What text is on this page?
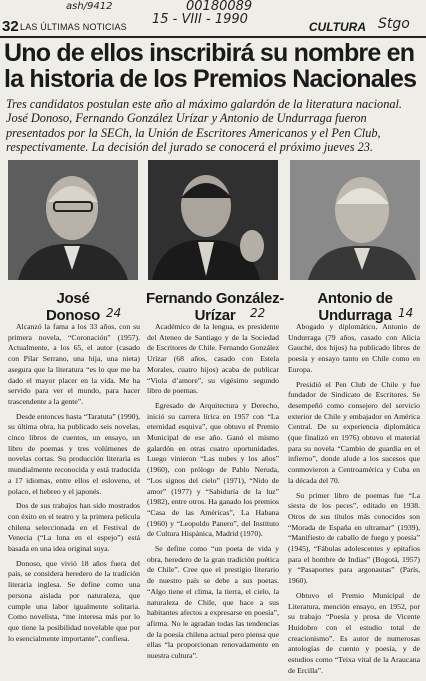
ash/9412
15 - VIII - 1990
00180089
Stgo
32 LAS ÚLTIMAS NOTICIAS	CULTURA
Uno de ellos inscribirá su nombre en la historia de los Premios Nacionales
Tres candidatos postulan este año al máximo galardón de la literatura nacional. José Donoso, Fernando González Urízar y Antonio de Undurraga fueron presentados por la SECh, la Unión de Escritores Americanos y el Pen Club, respectivamente. La decisión del jurado se conocerá el próximo jueves 23.
José
Donoso 24
Fernando González-
Urízar	22
Antonio de
Undurraga 14

Alcanzó la fama a los 33 años, con su primera novela, “Coronación” (1957). Actualmente, a los 65, el autor (casado con Pilar Serrano, una hija, una nieta) asegura que la literatura “es lo que me ha dado el mayor placer en la vida. Me ha servido para ver el mundo, para hacer trascendente a la gente”.

Desde entonces hasta “Taratuta” (1990), su última obra, ha publicado seis novelas, cinco libros de cuentos, un ensayo, un libro de poemas y tres volúmenes de novelas cortas. Su producción literaria es mundialmente reconocida y está traducida a 17 idiomas, entre ellos el esloveno, el polaco, el hebreo y el japonés.

Dos de sus trabajos han sido mostrados con éxito en el teatro y la primera película chilena seleccionada en el Festival de Venecia (“La luna en el espejo”) está basada en una idea original suya.

Donoso, que vivió 18 años fuera del país, se considera heredero de la tradición literaria inglesa. Se define como una persona aislada por naturaleza, que cumple una labor igualmente solitaria. Como novelista, “me interesa más por lo que tiene la posibilidad novelable que por lo esencialmente importante”, confiesa.

Académico de la lengua, es presidente del Ateneo de Santiago y de la Sociedad de Escritores de Chile. Fernando González Urízar (68 años, casado con Estela Morales, cuatro hijos) acaba de publicar “Viola d’amore”, su vigésimo segundo libro de poemas.

Egresado de Arquitectura y Derecho, inició su carrera lírica en 1957 con “La eternidad esquiva”, que obtuvo el Premio Municipal de ese año. Ganó el mismo galardón en otras cuatro oportunidades. Luego vinieron “Las nubes y los años” (1960), con prólogo de Pablo Neruda, “Los signos del cielo” (1971), “Nido de amor” (1977) y “Sabiduría de la luz” (1982), entre otros. Ha ganado los premios “Casa de las Américas”, La Habana (1960) y “Leopoldo Panero”, del Instituto de Cultura Hispánica, Madrid (1970).

Se define como “un poeta de vida y obra, heredero de la gran tradición poética de Chile”. Cree que el prestigio literario de nuestro país se debe a sus poetas. “Algo tiene el clima, la tierra, el cielo, la naturaleza de Chile, que hace a sus habitantes afectos a expresarse en poesía”, afirma. No le agradan todas las tendencias de la poesía chilena actual pero piensa que ellas “la proporcionan renovadamente en nuestra cultura”.

Abogado y diplomático, Antonio de Undurraga (79 años, casado con Alicia Gauché, dos hijos) ha publicado libros de poesía y ensayo tanto en Chile como en Europa.

Presidió el Pen Club de Chile y fue fundador de Sindicato de Escritores. Se desempeñó como consejero del servicio exterior de Chile y embajador en América Central. De su experiencia diplomática (que finalizó en 1976) obtuvo el material para su novela “Cambio de guardia en el infierno”, donde alude a los sucesos que conmovieron a Centroamérica y Cuba en la década del 70.

Su primer libro de poemas fue “La siesta de los peces”, editado en 1938. Otros de sus títulos más conocidos son “Morada de España en ultramar” (1939), “Manifiesto de caballo de fuego y poesía” (1945), “Fábulas adolescentes y epitafios para el hombre de Indias” (Bogotá, 1957) y “Pasaportes para argonautas” (París, 1960).

Obtuvo el Premio Municipal de Literatura, mención ensayo, en 1952, por su trabajo “Poesía y prosa de Vicente Huidobro con el estudio total de creacionismo”. Es autor de numerosas antologías de cuento y poesía, y de estudios como “Teixa vital de la Araucana de Ercilla”.
